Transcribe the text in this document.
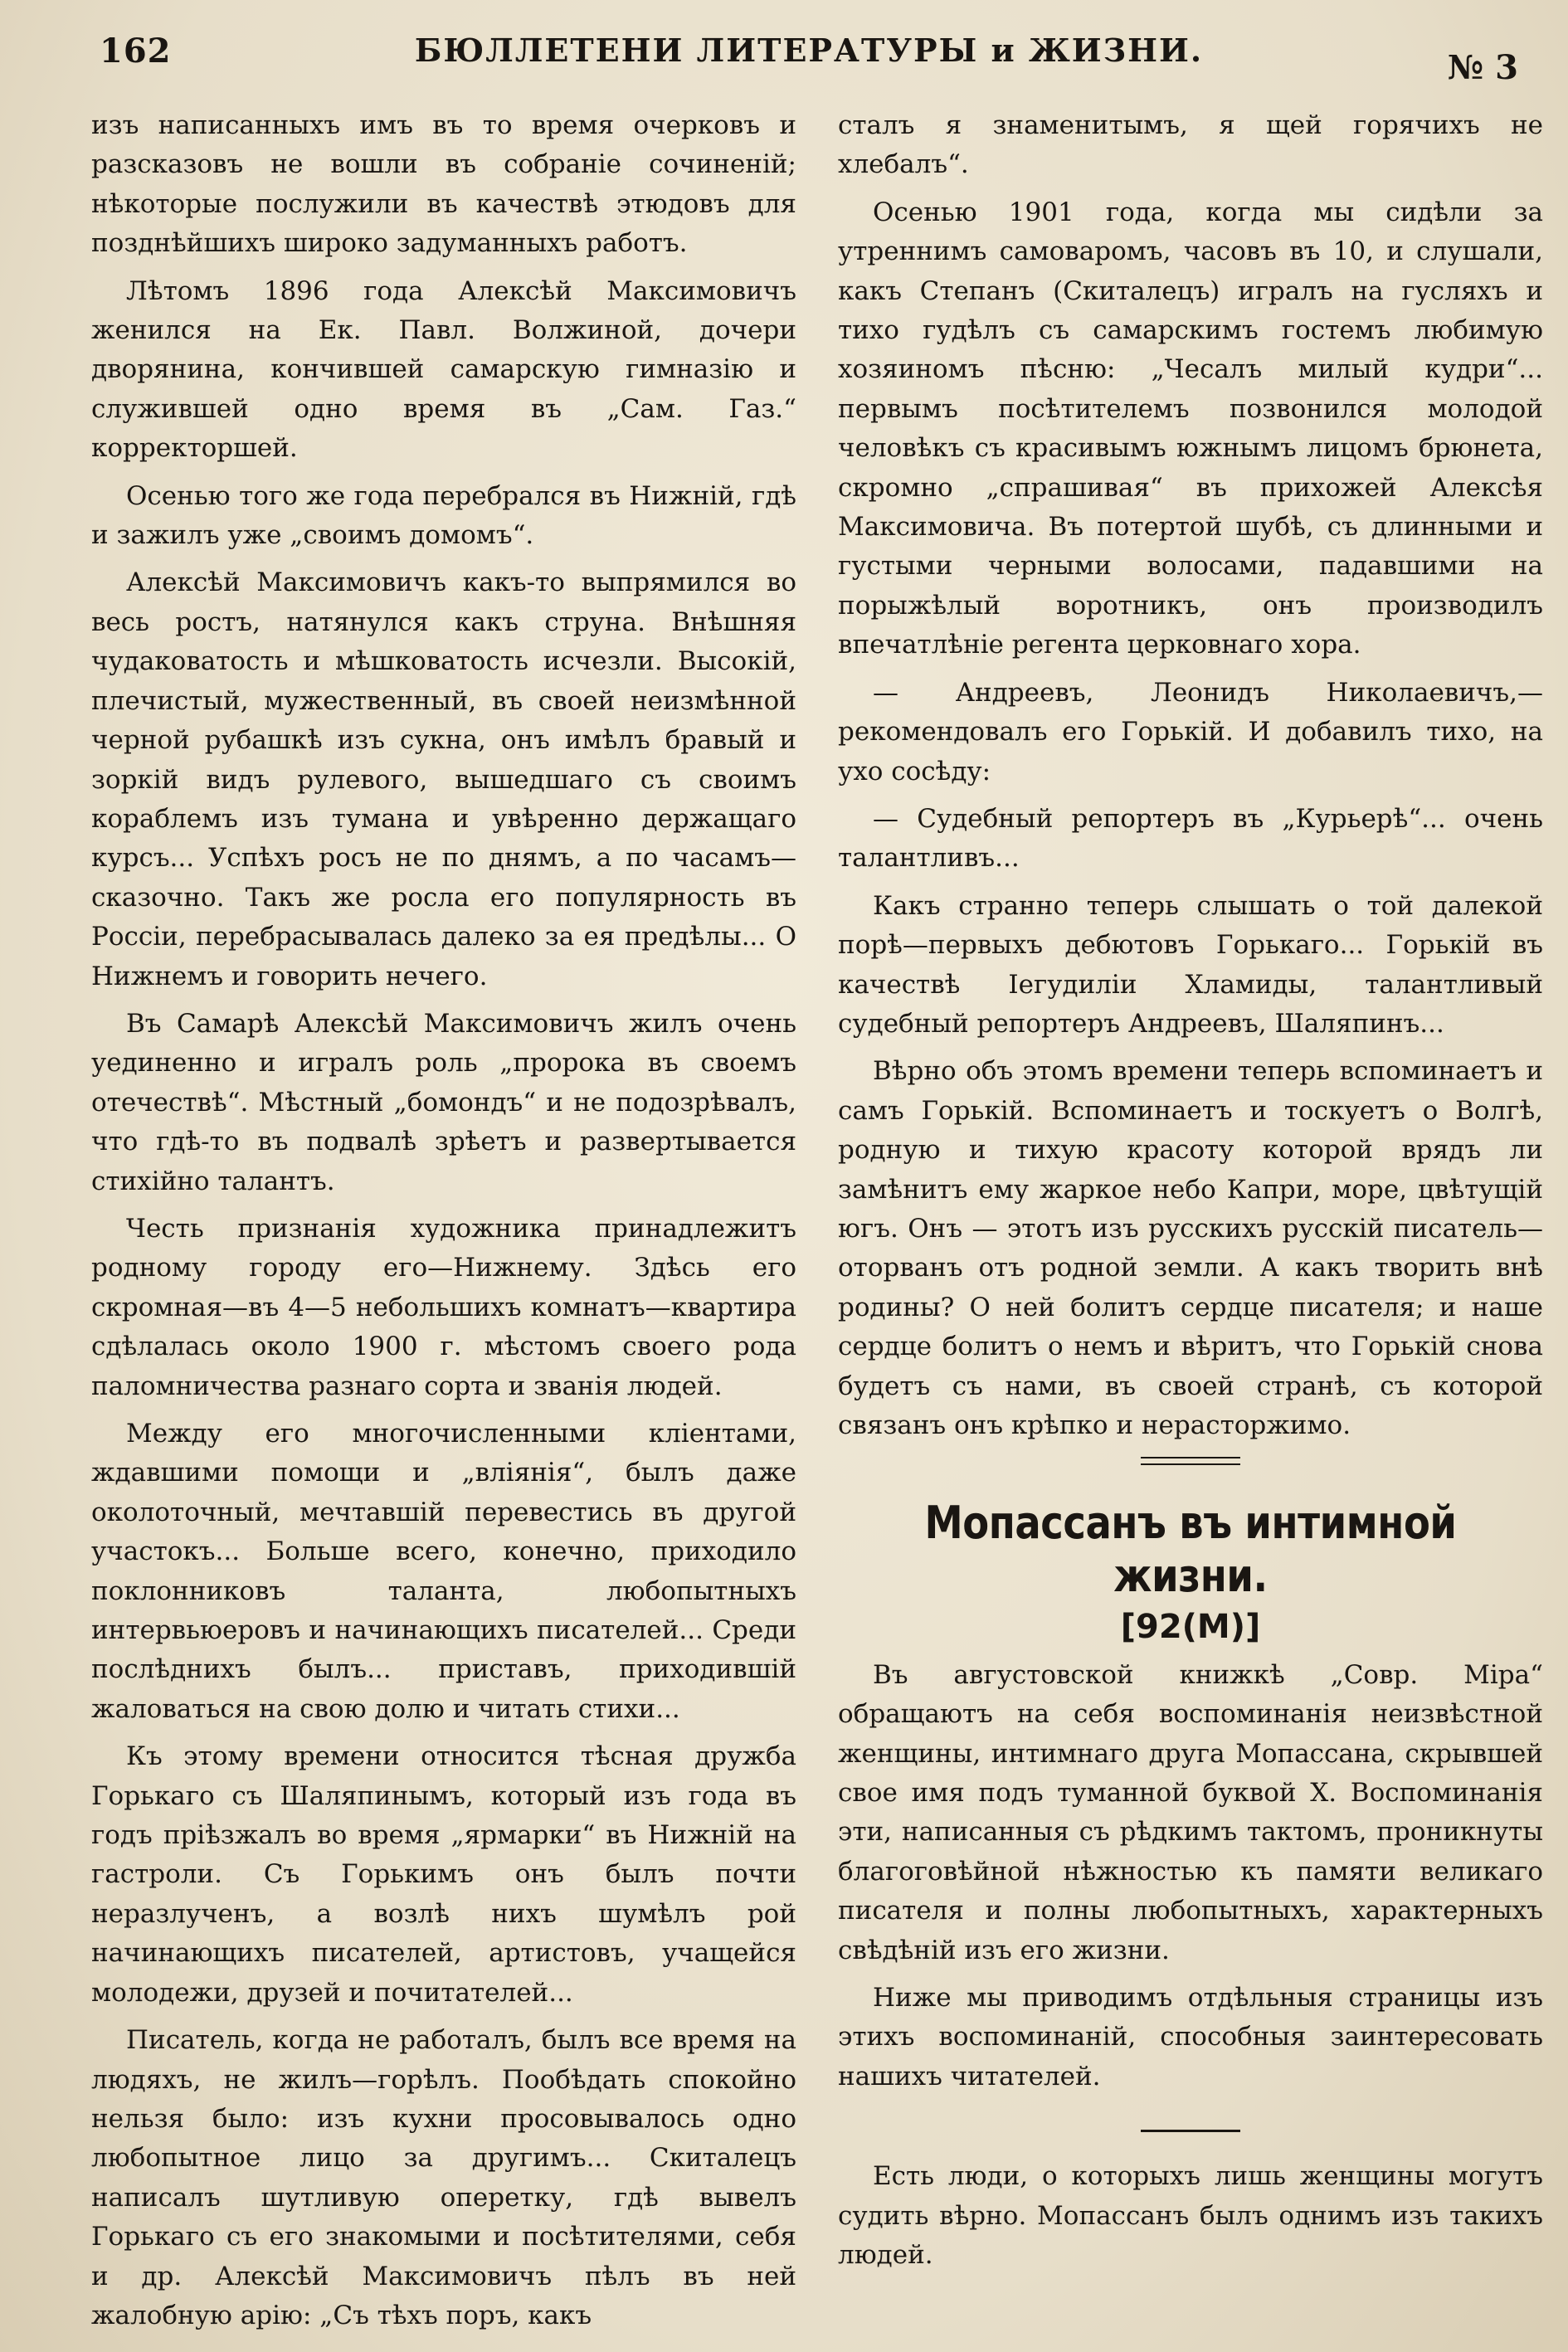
162	БЮЛЛЕТЕНИ ЛИТЕРАТУРЫ и ЖИЗНИ.	№ 3

изъ написанныхъ имъ въ то время очерковъ и разсказовъ не вошли въ собраніе сочиненій; нѣкоторые послужили въ качествѣ этюдовъ для позднѣйшихъ широко задуманныхъ работъ.

Лѣтомъ 1896 года Алексѣй Максимовичъ женился на Ек. Павл. Волжиной, дочери дворянина, кончившей самарскую гимназію и служившей одно время въ „Сам. Газ.“ корректоршей.

Осенью того же года перебрался въ Нижній, гдѣ и зажилъ уже „своимъ домомъ“.

Алексѣй Максимовичъ какъ-то выпрямился во весь ростъ, натянулся какъ струна. Внѣшняя чудаковатость и мѣшковатость исчезли. Высокій, плечистый, мужественный, въ своей неизмѣнной черной рубашкѣ изъ сукна, онъ имѣлъ бравый и зоркій видъ рулевого, вышедшаго съ своимъ кораблемъ изъ тумана и увѣренно держащаго курсъ... Успѣхъ росъ не по днямъ, а по часамъ—сказочно. Такъ же росла его популярность въ Россіи, перебрасывалась далеко за ея предѣлы... О Нижнемъ и говорить нечего.

Въ Самарѣ Алексѣй Максимовичъ жилъ очень уединенно и игралъ роль „пророка въ своемъ отечествѣ“. Мѣстный „бомондъ“ и не подозрѣвалъ, что гдѣ-то въ подвалѣ зрѣетъ и развертывается стихійно талантъ.

Честь признанія художника принадлежитъ родному городу его—Нижнему. Здѣсь его скромная—въ 4—5 небольшихъ комнатъ—квартира сдѣлалась около 1900 г. мѣстомъ своего рода паломничества разнаго сорта и званія людей.

Между его многочисленными кліентами, ждавшими помощи и „вліянія“, былъ даже околоточный, мечтавшій перевестись въ другой участокъ... Больше всего, конечно, приходило поклонниковъ таланта, любопытныхъ интервьюеровъ и начинающихъ писателей... Среди послѣднихъ былъ... приставъ, приходившій жаловаться на свою долю и читать стихи...

Къ этому времени относится тѣсная дружба Горькаго съ Шаляпинымъ, который изъ года въ годъ пріѣзжалъ во время „ярмарки“ въ Нижній на гастроли. Съ Горькимъ онъ былъ почти неразлученъ, а возлѣ нихъ шумѣлъ рой начинающихъ писателей, артистовъ, учащейся молодежи, друзей и почитателей...

Писатель, когда не работалъ, былъ все время на людяхъ, не жилъ—горѣлъ. Пообѣдать спокойно нельзя было: изъ кухни просовывалось одно любопытное лицо за другимъ... Скиталецъ написалъ шутливую оперетку, гдѣ вывелъ Горькаго съ его знакомыми и посѣтителями, себя и др. Алексѣй Максимовичъ пѣлъ въ ней жалобную арію: „Съ тѣхъ поръ, какъ

сталъ я знаменитымъ, я щей горячихъ не хлебалъ“.

Осенью 1901 года, когда мы сидѣли за утреннимъ самоваромъ, часовъ въ 10, и слушали, какъ Степанъ (Скиталецъ) игралъ на гусляхъ и тихо гудѣлъ съ самарскимъ гостемъ любимую хозяиномъ пѣсню: „Чесалъ милый кудри“... первымъ посѣтителемъ позвонился молодой человѣкъ съ красивымъ южнымъ лицомъ брюнета, скромно „спрашивая“ въ прихожей Алексѣя Максимовича. Въ потертой шубѣ, съ длинными и густыми черными волосами, падавшими на порыжѣлый воротникъ, онъ производилъ впечатлѣніе регента церковнаго хора.

— Андреевъ, Леонидъ Николаевичъ,—рекомендовалъ его Горькій. И добавилъ тихо, на ухо сосѣду:

— Судебный репортеръ въ „Курьерѣ“... очень талантливъ...

Какъ странно теперь слышать о той далекой порѣ—первыхъ дебютовъ Горькаго... Горькій въ качествѣ Іегудиліи Хламиды, талантливый судебный репортеръ Андреевъ, Шаляпинъ...

Вѣрно объ этомъ времени теперь вспоминаетъ и самъ Горькій. Вспоминаетъ и тоскуетъ о Волгѣ, родную и тихую красоту которой врядъ ли замѣнитъ ему жаркое небо Капри, море, цвѣтущій югъ. Онъ — этотъ изъ русскихъ русскій писатель—оторванъ отъ родной земли. А какъ творить внѣ родины? О ней болитъ сердце писателя; и наше сердце болитъ о немъ и вѣритъ, что Горькій снова будетъ съ нами, въ своей странѣ, съ которой связанъ онъ крѣпко и нерасторжимо.

Мопассанъ въ интимной жизни.
[92(М)]

Въ августовской книжкѣ „Совр. Міра“ обращаютъ на себя воспоминанія неизвѣстной женщины, интимнаго друга Мопассана, скрывшей свое имя подъ туманной буквой X. Воспоминанія эти, написанныя съ рѣдкимъ тактомъ, проникнуты благоговѣйной нѣжностью къ памяти великаго писателя и полны любопытныхъ, характерныхъ свѣдѣній изъ его жизни.

Ниже мы приводимъ отдѣльныя страницы изъ этихъ воспоминаній, способныя заинтересовать нашихъ читателей.

Есть люди, о которыхъ лишь женщины могутъ судить вѣрно. Мопассанъ былъ однимъ изъ такихъ людей.
